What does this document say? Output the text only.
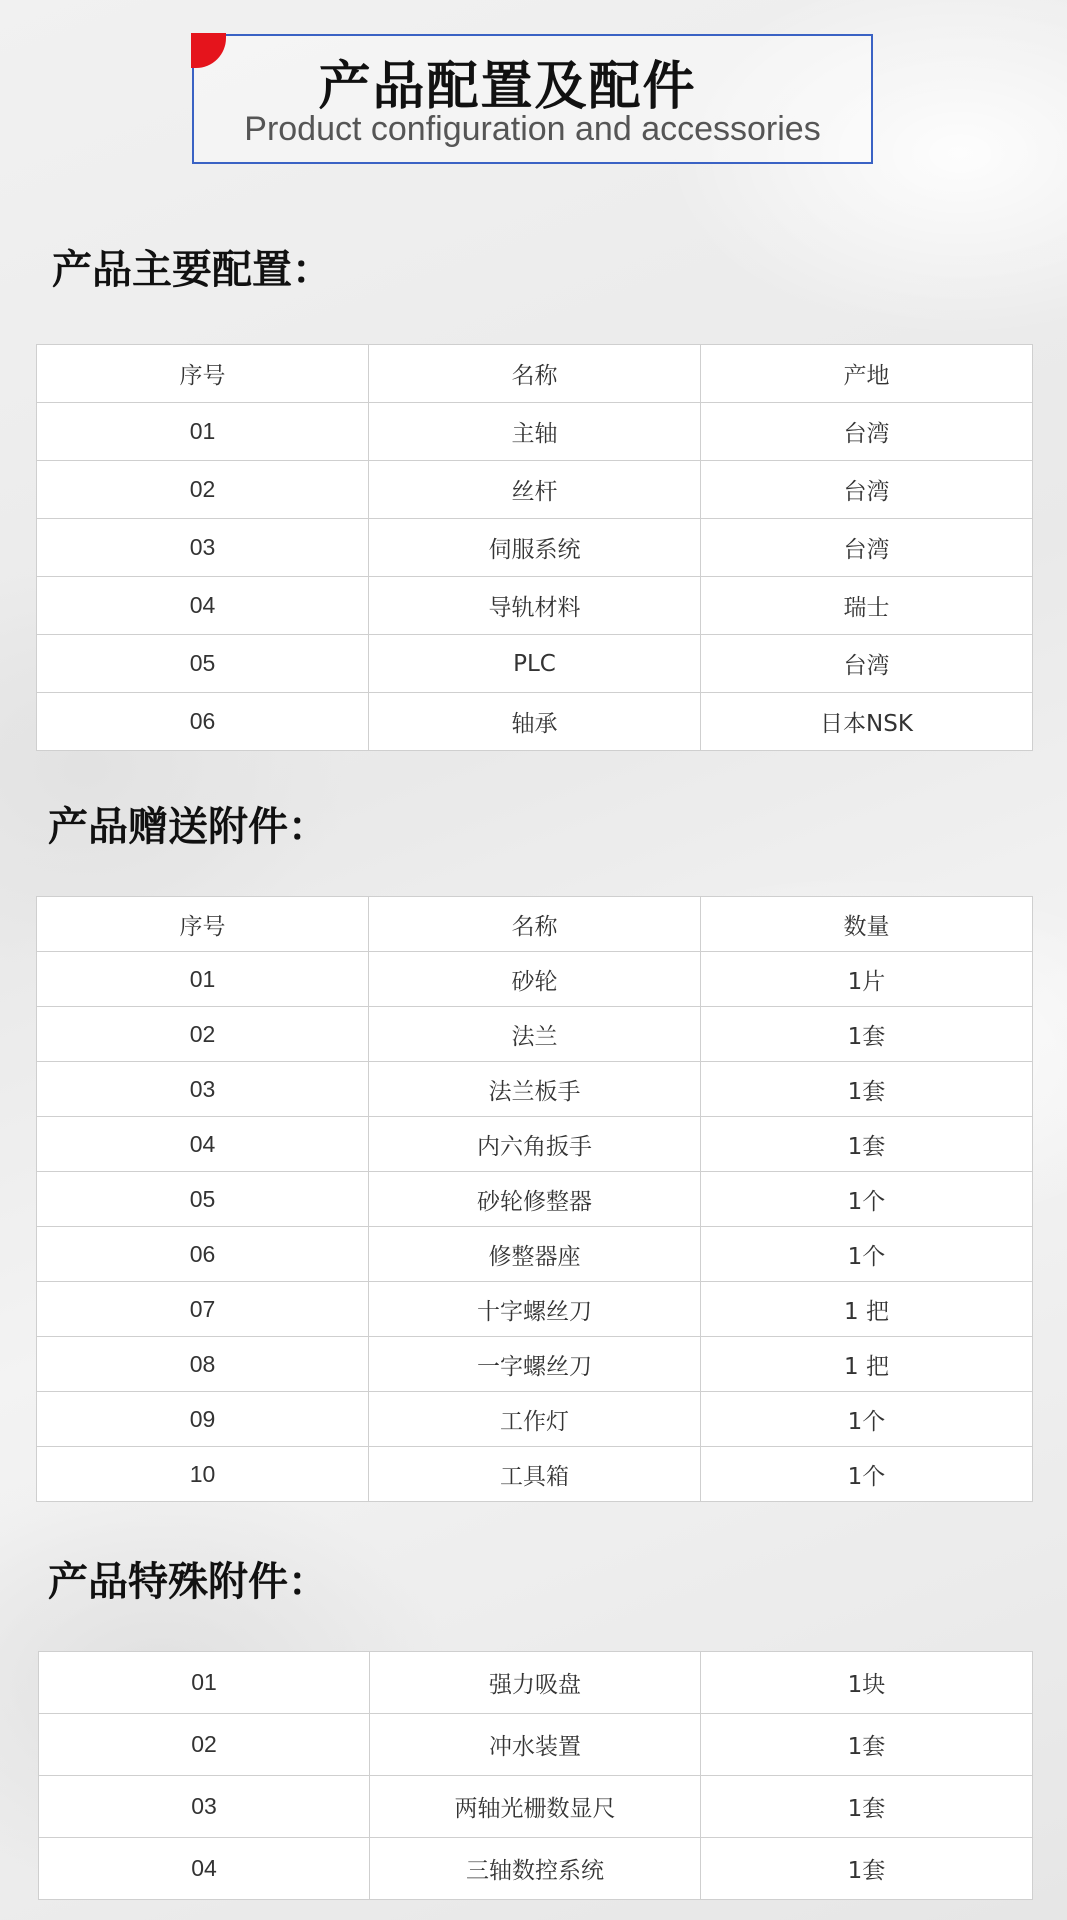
产品配置及配件
Product configuration and accessories
产品主要配置：
序号	名称	产地
01	主轴	台湾
02	丝杆	台湾
03	伺服系统	台湾
04	导轨材料	瑞士
05	PLC	台湾
06	轴承	日本NSK
产品赠送附件：
序号	名称	数量
01	砂轮	1片
02	法兰	1套
03	法兰板手	1套
04	内六角扳手	1套
05	砂轮修整器	1个
06	修整器座	1个
07	十字螺丝刀	1 把
08	一字螺丝刀	1 把
09	工作灯	1个
10	工具箱	1个
产品特殊附件：
01	强力吸盘	1块
02	冲水装置	1套
03	两轴光栅数显尺	1套
04	三轴数控系统	1套
